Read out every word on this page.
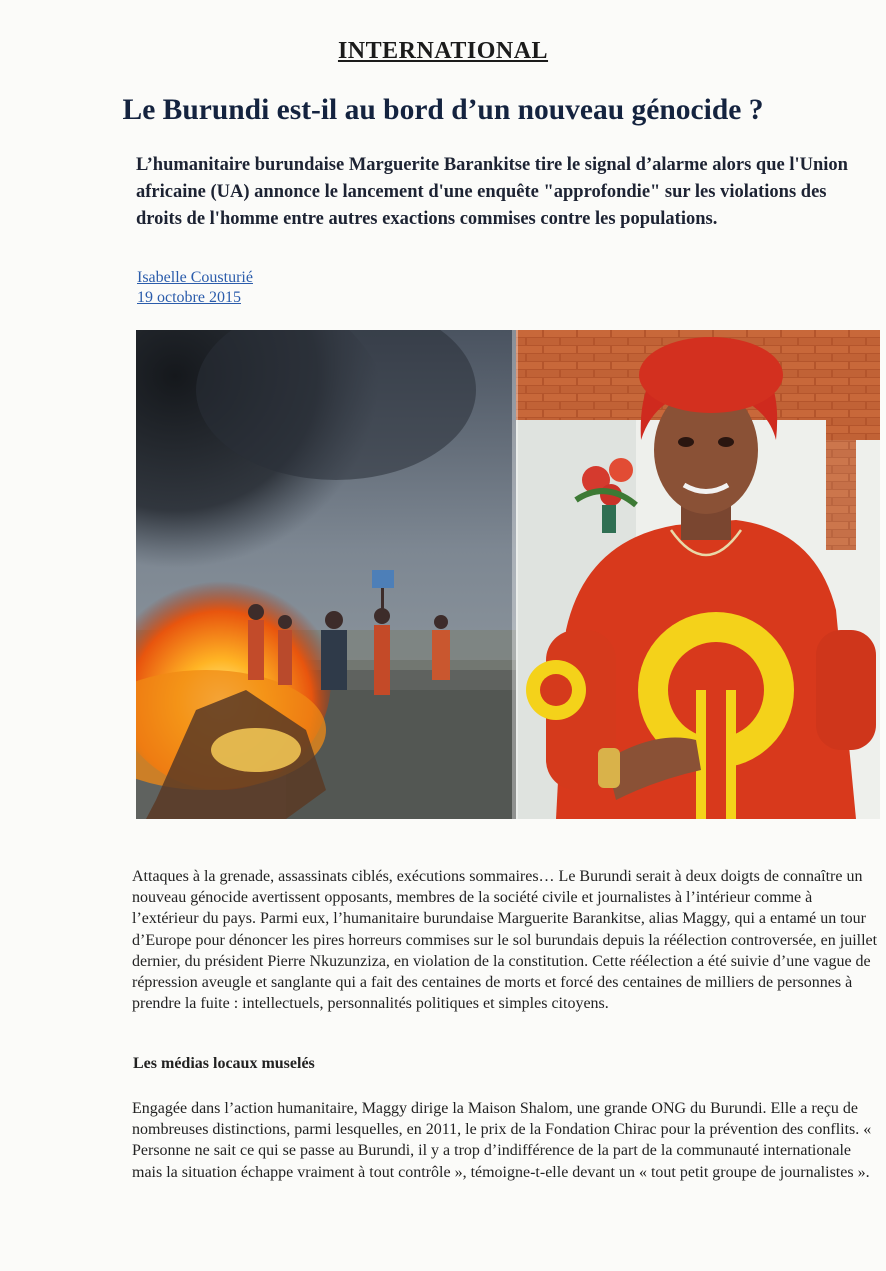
INTERNATIONAL
Le Burundi est-il au bord d’un nouveau génocide ?

L’humanitaire burundaise Marguerite Barankitse tire le signal d’alarme alors que l'Union africaine (UA) annonce le lancement d'une enquête "approfondie" sur les violations des droits de l'homme entre autres exactions commises contre les populations.

Isabelle Cousturié
19 octobre 2015

Attaques à la grenade, assassinats ciblés, exécutions sommaires… Le Burundi serait à deux doigts de connaître un nouveau génocide avertissent opposants, membres de la société civile et journalistes à l’intérieur comme à l’extérieur du pays. Parmi eux, l’humanitaire burundaise Marguerite Barankitse, alias Maggy, qui a entamé un tour d’Europe pour dénoncer les pires horreurs commises sur le sol burundais depuis la réélection controversée, en juillet dernier, du président Pierre Nkuzunziza, en violation de la constitution. Cette réélection a été suivie d’une vague de répression aveugle et sanglante qui a fait des centaines de morts et forcé des centaines de milliers de personnes à prendre la fuite : intellectuels, personnalités politiques et simples citoyens.

Les médias locaux muselés

Engagée dans l’action humanitaire, Maggy dirige la Maison Shalom, une grande ONG du Burundi. Elle a reçu de nombreuses distinctions, parmi lesquelles, en 2011, le prix de la Fondation Chirac pour la prévention des conflits. « Personne ne sait ce qui se passe au Burundi, il y a trop d’indifférence de la part de la communauté internationale mais la situation échappe vraiment à tout contrôle », témoigne-t-elle devant un « tout petit groupe de journalistes ».
